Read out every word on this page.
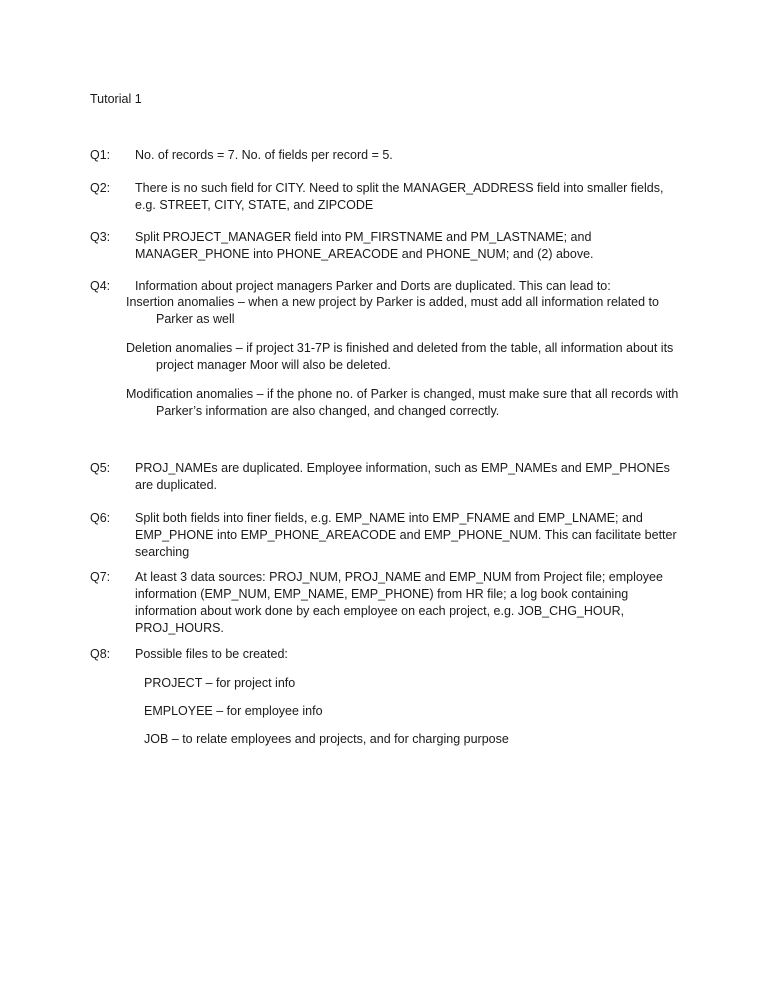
Tutorial 1
Q1:	No. of records = 7. No. of fields per record = 5.
Q2:	There is no such field for CITY. Need to split the MANAGER_ADDRESS field into smaller fields, e.g. STREET, CITY, STATE, and ZIPCODE
Q3:	Split PROJECT_MANAGER field into PM_FIRSTNAME and PM_LASTNAME; and MANAGER_PHONE into PHONE_AREACODE and PHONE_NUM; and (2) above.
Q4:	Information about project managers Parker and Dorts are duplicated. This can lead to:

Insertion anomalies – when a new project by Parker is added, must add all information related to Parker as well

Deletion anomalies – if project 31-7P is finished and deleted from the table, all information about its project manager Moor will also be deleted.

Modification anomalies – if the phone no. of Parker is changed, must make sure that all records with Parker’s information are also changed, and changed correctly.

Q5:	PROJ_NAMEs are duplicated. Employee information, such as EMP_NAMEs and EMP_PHONEs are duplicated.
Q6:	Split both fields into finer fields, e.g. EMP_NAME into EMP_FNAME and EMP_LNAME; and EMP_PHONE into EMP_PHONE_AREACODE and EMP_PHONE_NUM. This can facilitate better searching
Q7:	At least 3 data sources: PROJ_NUM, PROJ_NAME and EMP_NUM from Project file; employee information (EMP_NUM, EMP_NAME, EMP_PHONE) from HR file; a log book containing information about work done by each employee on each project, e.g. JOB_CHG_HOUR, PROJ_HOURS.
Q8:	Possible files to be created:

PROJECT – for project info

EMPLOYEE – for employee info

JOB – to relate employees and projects, and for charging purpose
